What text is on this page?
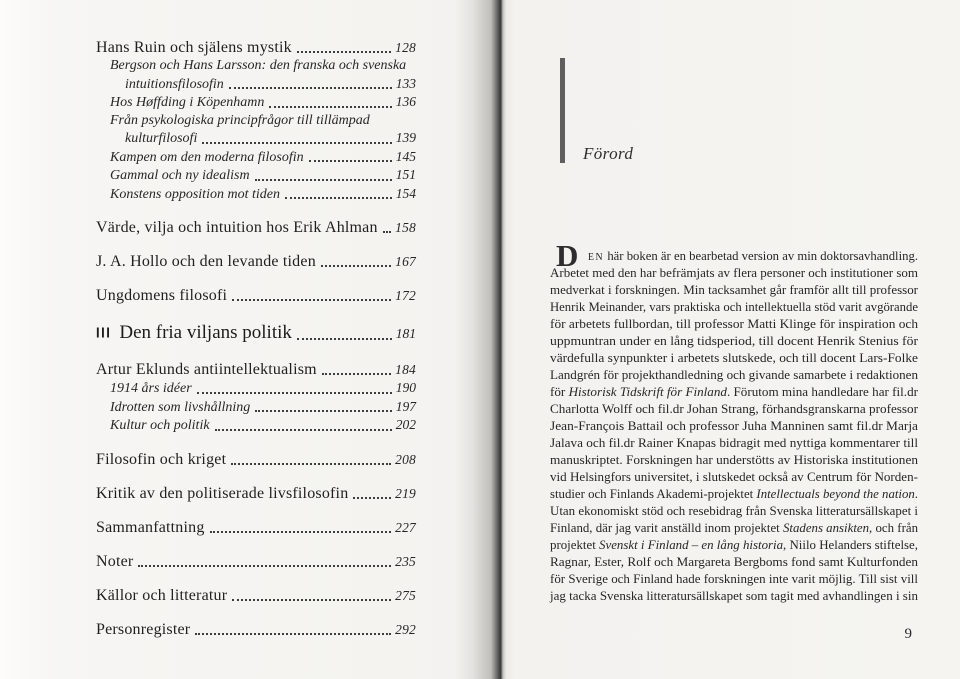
Hans Ruin och själens mystik	128
Bergson och Hans Larsson: den franska och svenska
intuitionsfilosofin	133
Hos Høffding i Köpenhamn	136
Från psykologiska principfrågor till tillämpad
kulturfilosofi	139
Kampen om den moderna filosofin	145
Gammal och ny idealism	151
Konstens opposition mot tiden	154
Värde, vilja och intuition hos Erik Ahlman 158
J. A. Hollo och den levande tiden	167
Ungdomens filosofi	172
III Den fria viljans politik	181
Artur Eklunds antiintellektualism	184
1914 års idéer	190
Idrotten som livshållning	197
Kultur och politik	202
Filosofin och kriget	208
Kritik av den politiserade livsfilosofin	219
Sammanfattning	227
Noter	235
Källor och litteratur	275
Personregister	292
Förord
D EN här boken är en bearbetad version av min doktorsavhandling.
Arbetet med den har befrämjats av flera personer och institutioner som
medverkat i forskningen. Min tacksamhet går framför allt till professor
Henrik Meinander, vars praktiska och intellektuella stöd varit avgörande
för arbetets fullbordan, till professor Matti Klinge för inspiration och
uppmuntran under en lång tidsperiod, till docent Henrik Stenius för
värdefulla synpunkter i arbetets slutskede, och till docent Lars-Folke
Landgrén för projekthandledning och givande samarbete i redaktionen
för Historisk Tidskrift för Finland. Förutom mina handledare har fil.dr
Charlotta Wolff och fil.dr Johan Strang, förhandsgranskarna professor
Jean-François Battail och professor Juha Manninen samt fil.dr Marja
Jalava och fil.dr Rainer Knapas bidragit med nyttiga kommentarer till
manuskriptet. Forskningen har understötts av Historiska institutionen
vid Helsingfors universitet, i slutskedet också av Centrum för Norden-
studier och Finlands Akademi-projektet Intellectuals beyond the nation.
Utan ekonomiskt stöd och resebidrag från Svenska litteratursällskapet i
Finland, där jag varit anställd inom projektet Stadens ansikten, och från
projektet Svenskt i Finland – en lång historia, Niilo Helanders stiftelse,
Ragnar, Ester, Rolf och Margareta Bergboms fond samt Kulturfonden
för Sverige och Finland hade forskningen inte varit möjlig. Till sist vill
jag tacka Svenska litteratursällskapet som tagit med avhandlingen i sin
9
